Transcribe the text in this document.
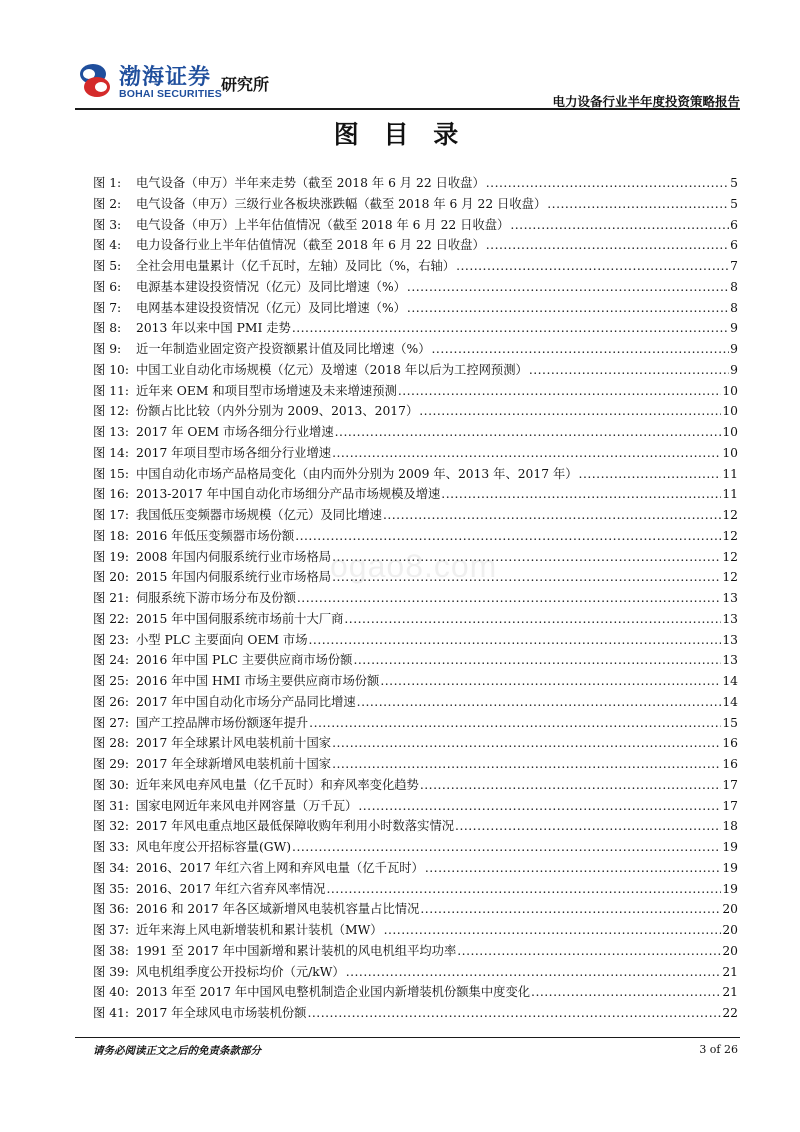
渤海证券
BOHAI SECURITIES 研究所
电力设备行业半年度投资策略报告
图 目 录
图 1:	电气设备（申万）半年来走势（截至 2018 年 6 月 22 日收盘） .....	5
图 2:	电气设备（申万）三级行业各板块涨跌幅（截至 2018 年 6 月 22 日收盘） .....	5
图 3:	电气设备（申万）上半年估值情况（截至 2018 年 6 月 22 日收盘） .....	6
图 4:	电力设备行业上半年估值情况（截至 2018 年 6 月 22 日收盘） .....	6
图 5:	全社会用电量累计（亿千瓦时，左轴）及同比（%，右轴） .....	7
图 6:	电源基本建设投资情况（亿元）及同比增速（%） .....	8
图 7:	电网基本建设投资情况（亿元）及同比增速（%） .....	8
图 8:	2013 年以来中国 PMI 走势 .....	9
图 9:	近一年制造业固定资产投资额累计值及同比增速（%） .....	9
图 10: 中国工业自动化市场规模（亿元）及增速（2018 年以后为工控网预测） .....	9
图 11: 近年来 OEM 和项目型市场增速及未来增速预测 .....	10
图 12: 份额占比比较（内外分别为 2009、2013、2017） .....	10
图 13: 2017 年 OEM 市场各细分行业增速 .....	10
图 14: 2017 年项目型市场各细分行业增速 .....	10
图 15: 中国自动化市场产品格局变化（由内而外分别为 2009 年、2013 年、2017 年） .....	11
图 16: 2013-2017 年中国自动化市场细分产品市场规模及增速 .....	11
图 17: 我国低压变频器市场规模（亿元）及同比增速 .....	12
图 18: 2016 年低压变频器市场份额 .....	12
图 19: 2008 年国内伺服系统行业市场格局 .....	12
图 20: 2015 年国内伺服系统行业市场格局 .....	12
图 21: 伺服系统下游市场分布及份额 .....	13
图 22: 2015 年中国伺服系统市场前十大厂商 .....	13
图 23: 小型 PLC 主要面向 OEM 市场 .....	13
图 24: 2016 年中国 PLC 主要供应商市场份额 .....	13
图 25: 2016 年中国 HMI 市场主要供应商市场份额 .....	14
图 26: 2017 年中国自动化市场分产品同比增速 .....	14
图 27: 国产工控品牌市场份额逐年提升 .....	15
图 28: 2017 年全球累计风电装机前十国家 .....	16
图 29: 2017 年全球新增风电装机前十国家 .....	16
图 30: 近年来风电弃风电量（亿千瓦时）和弃风率变化趋势 .....	17
图 31: 国家电网近年来风电并网容量（万千瓦） .....	17
图 32: 2017 年风电重点地区最低保障收购年利用小时数落实情况 .....	18
图 33: 风电年度公开招标容量(GW) .....	19
图 34: 2016、2017 年红六省上网和弃风电量（亿千瓦时） .....	19
图 35: 2016、2017 年红六省弃风率情况 .....	19
图 36: 2016 和 2017 年各区域新增风电装机容量占比情况 .....	20
图 37: 近年来海上风电新增装机和累计装机（MW） .....	20
图 38: 1991 至 2017 年中国新增和累计装机的风电机组平均功率 .....	20
图 39: 风电机组季度公开投标均价（元/kW） .....	21
图 40: 2013 年至 2017 年中国风电整机制造企业国内新增装机份额集中度变化 .....	21
图 41: 2017 年全球风电市场装机份额 .....	22
ogao8.com
请务必阅读正文之后的免责条款部分	3 of 26
